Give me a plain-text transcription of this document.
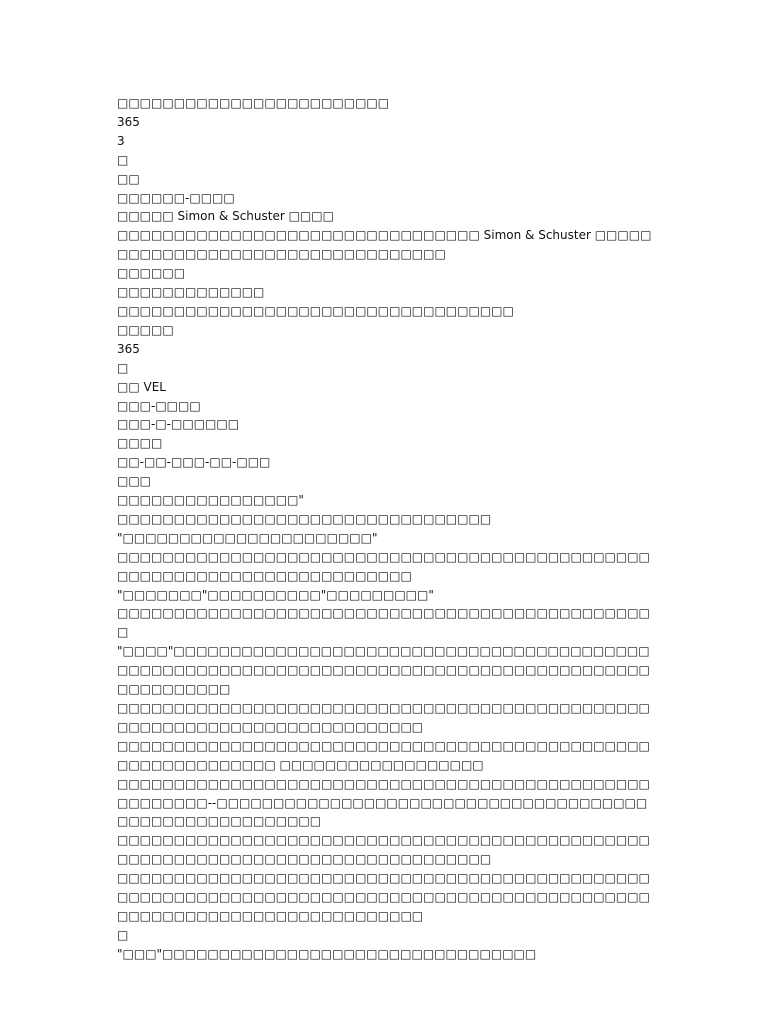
□□□□□□□□□□□□□□□□□□□□□□□□

365

3

□

□□

□□□□□□-□□□□

□□□□□ Simon & Schuster □□□□

□□□□□□□□□□□□□□□□□□□□□□□□□□□□□□□□ Simon & Schuster □□□□□□□□□□□□□□□□□□□□□□□□□□□□□□□□□□

□□□□□□

□□□□□□□□□□□□□

□□□□□□□□□□□□□□□□□□□□□□□□□□□□□□□□□□□

□□□□□

365

□

□□ VEL

□□□-□□□□

□□□-□-□□□□□□

□□□□

□□-□□-□□□-□□-□□□

□□□

□□□□□□□□□□□□□□□□"

□□□□□□□□□□□□□□□□□□□□□□□□□□□□□□□□□

"□□□□□□□□□□□□□□□□□□□□□□"

□□□□□□□□□□□□□□□□□□□□□□□□□□□□□□□□□□□□□□□□□□□□□□□□□□□□□□□□□□□□□□□□□□□□□□□□□

"□□□□□□□"□□□□□□□□□□"□□□□□□□□□"

□□□□□□□□□□□□□□□□□□□□□□□□□□□□□□□□□□□□□□□□□□□□□□□□

"□□□□"□□□□□□□□□□□□□□□□□□□□□□□□□□□□□□□□□□□□□□□□□□□□□□□□□□□□□□□□□□□□□□□□□□□□□□□□□□□□□□□□□□□□□□□□□□□□□□□□□□□

□□□□□□□□□□□□□□□□□□□□□□□□□□□□□□□□□□□□□□□□□□□□□□□□□□□□□□□□□□□□□□□□□□□□□□□□□□

□□□□□□□□□□□□□□□□□□□□□□□□□□□□□□□□□□□□□□□□□□□□□□□□□□□□□□□□□□□□□ □□□□□□□□□□□□□□□□□□

□□□□□□□□□□□□□□□□□□□□□□□□□□□□□□□□□□□□□□□□□□□□□□□□□□□□□□□--□□□□□□□□□□□□□□□□□□□□□□□□□□□□□□□□□□□□□□□□□□□□□□□□□□□□□□□□

□□□□□□□□□□□□□□□□□□□□□□□□□□□□□□□□□□□□□□□□□□□□□□□□□□□□□□□□□□□□□□□□□□□□□□□□□□□□□□□□

□□□□□□□□□□□□□□□□□□□□□□□□□□□□□□□□□□□□□□□□□□□□□□□□□□□□□□□□□□□□□□□□□□□□□□□□□□□□□□□□□□□□□□□□□□□□□□

□□□□□□□□□□□□□□□□□□□□□□□□□□□

□

"□□□"□□□□□□□□□□□□□□□□□□□□□□□□□□□□□□□□□
